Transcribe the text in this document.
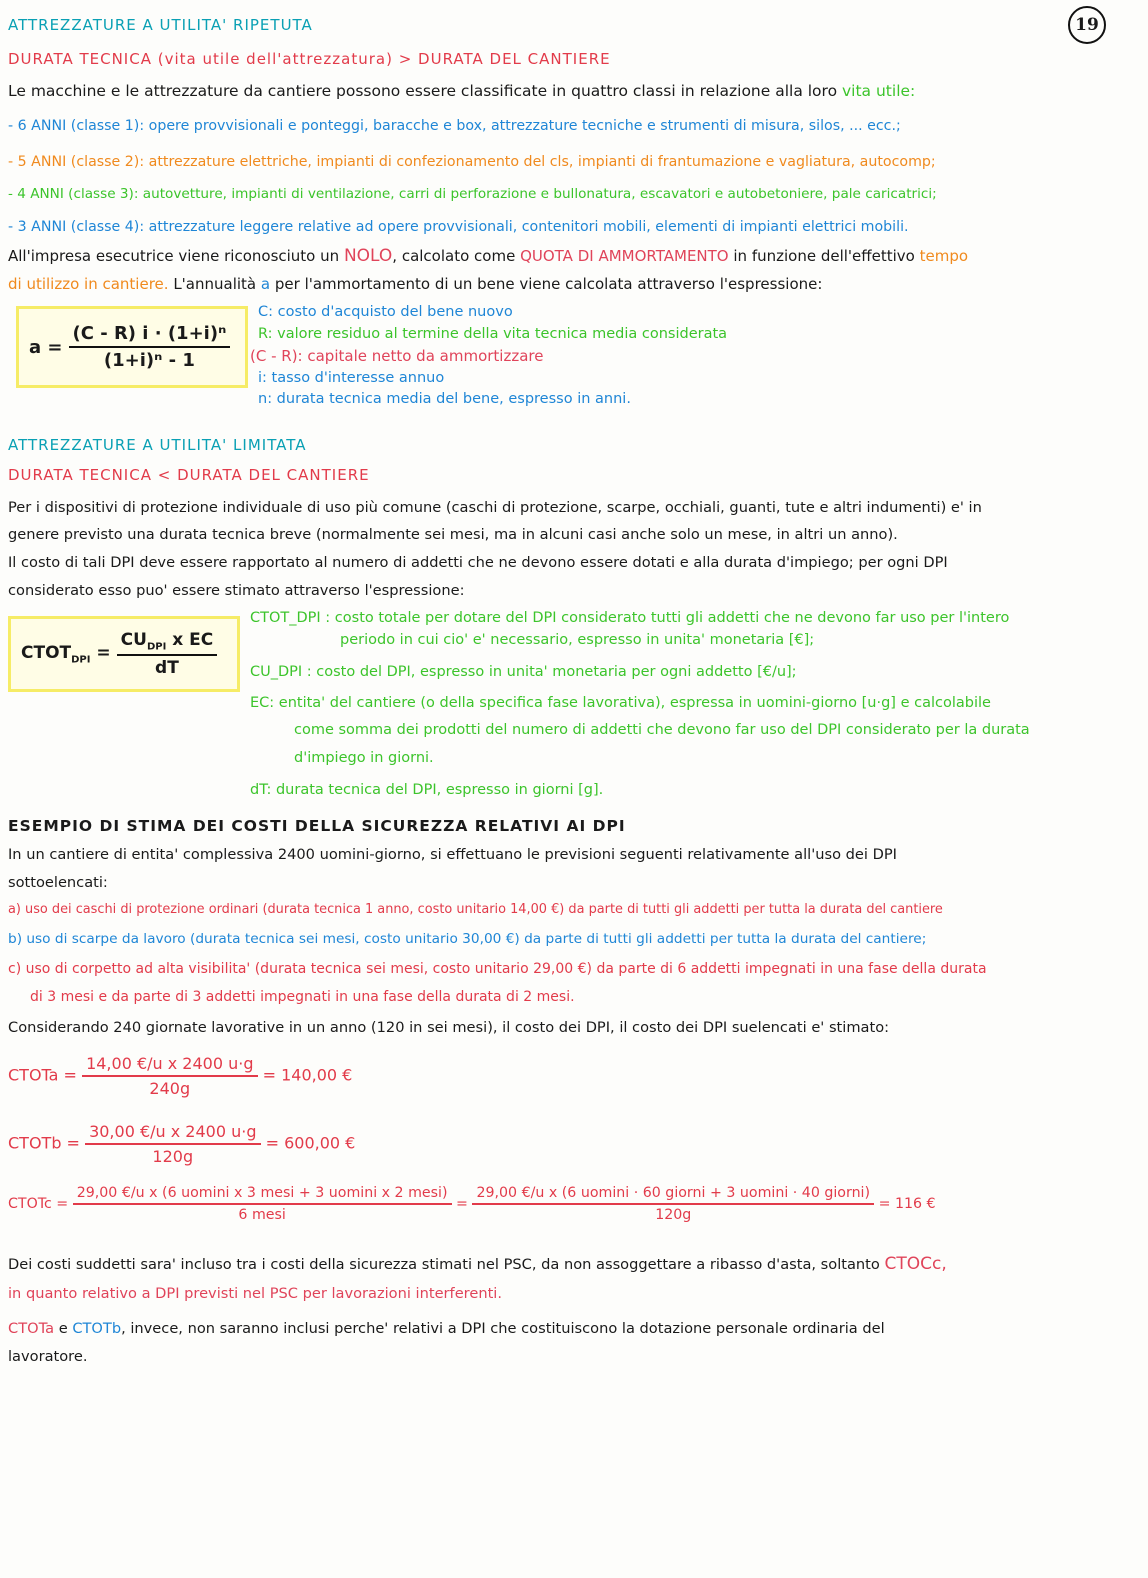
19
ATTREZZATURE A UTILITA' RIPETUTA
DURATA TECNICA (vita utile dell'attrezzatura) > DURATA DEL CANTIERE
Le macchine e le attrezzature da cantiere possono essere classificate in quattro classi in relazione alla loro vita utile:
- 6 ANNI (classe 1): opere provvisionali e ponteggi, baracche e box, attrezzature tecniche e strumenti di misura, silos, ... ecc.;
- 5 ANNI (classe 2): attrezzature elettriche, impianti di confezionamento del cls, impianti di frantumazione e vagliatura, autocomp;
- 4 ANNI (classe 3): autovetture, impianti di ventilazione, carri di perforazione e bullonatura, escavatori e autobetoniere, pale caricatrici;
- 3 ANNI (classe 4): attrezzature leggere relative ad opere provvisionali, contenitori mobili, elementi di impianti elettrici mobili.
All'impresa esecutrice viene riconosciuto un NOLO, calcolato come QUOTA DI AMMORTAMENTO in funzione dell'effettivo tempo
di utilizzo in cantiere. L'annualità a per l'ammortamento di un bene viene calcolata attraverso l'espressione:
$a = \frac{\text{(C - R) i · (1+i)ⁿ}}{\text{(1+i)ⁿ - 1}}$
C: costo d'acquisto del bene nuovo
R: valore residuo al termine della vita tecnica media considerata
(C - R): capitale netto da ammortizzare
i: tasso d'interesse annuo
n: durata tecnica media del bene, espresso in anni.
ATTREZZATURE A UTILITA' LIMITATA
DURATA TECNICA < DURATA DEL CANTIERE
Per i dispositivi di protezione individuale di uso più comune (caschi di protezione, scarpe, occhiali, guanti, tute e altri indumenti) e' in
genere previsto una durata tecnica breve (normalmente sei mesi, ma in alcuni casi anche solo un mese, in altri un anno).
Il costo di tali DPI deve essere rapportato al numero di addetti che ne devono essere dotati e alla durata d'impiego; per ogni DPI
considerato esso puo' essere stimato attraverso l'espressione:
$CTOT_{DPI} = \frac{CU_{DPI} x EC}{dT}$
CTOT_DPI : costo totale per dotare del DPI considerato tutti gli addetti che ne devono far uso per l'intero
periodo in cui cio' e' necessario, espresso in unita' monetaria [€];
CU_DPI : costo del DPI, espresso in unita' monetaria per ogni addetto [€/u];
EC: entita' del cantiere (o della specifica fase lavorativa), espressa in uomini-giorno [u·g] e calcolabile
come somma dei prodotti del numero di addetti che devono far uso del DPI considerato per la durata
d'impiego in giorni.
dT: durata tecnica del DPI, espresso in giorni [g].
ESEMPIO DI STIMA DEI COSTI DELLA SICUREZZA RELATIVI AI DPI
In un cantiere di entita' complessiva 2400 uomini-giorno, si effettuano le previsioni seguenti relativamente all'uso dei DPI
sottoelencati:
a) uso dei caschi di protezione ordinari (durata tecnica 1 anno, costo unitario 14,00 €) da parte di tutti gli addetti per tutta la durata del cantiere
b) uso di scarpe da lavoro (durata tecnica sei mesi, costo unitario 30,00 €) da parte di tutti gli addetti per tutta la durata del cantiere;
c) uso di corpetto ad alta visibilita' (durata tecnica sei mesi, costo unitario 29,00 €) da parte di 6 addetti impegnati in una fase della durata
di 3 mesi e da parte di 3 addetti impegnati in una fase della durata di 2 mesi.
Considerando 240 giornate lavorative in un anno (120 in sei mesi), il costo dei DPI, il costo dei DPI suelencati e' stimato:
CTOTa = $\frac{\text{14,00 €/u x 2400 u·g}}{240g} = 140,00$ €
CTOTb = $\frac{\text{30,00 €/u x 2400 u·g}}{120g} = 600,00$ €
CTOTc = $\frac{\text{29,00 €/u x (6 uomini x 3 mesi + 3 uomini x 2 mesi)}}{\text{6 mesi}} = \frac{\text{29,00 €/u x (6 uomini · 60 giorni + 3 uomini · 40 giorni)}}{120g} = 116$ €
Dei costi suddetti sara' incluso tra i costi della sicurezza stimati nel PSC, da non assoggettare a ribasso d'asta, soltanto CTOCc,
in quanto relativo a DPI previsti nel PSC per lavorazioni interferenti.
CTOTa e CTOTb, invece, non saranno inclusi perche' relativi a DPI che costituiscono la dotazione personale ordinaria del
lavoratore.
